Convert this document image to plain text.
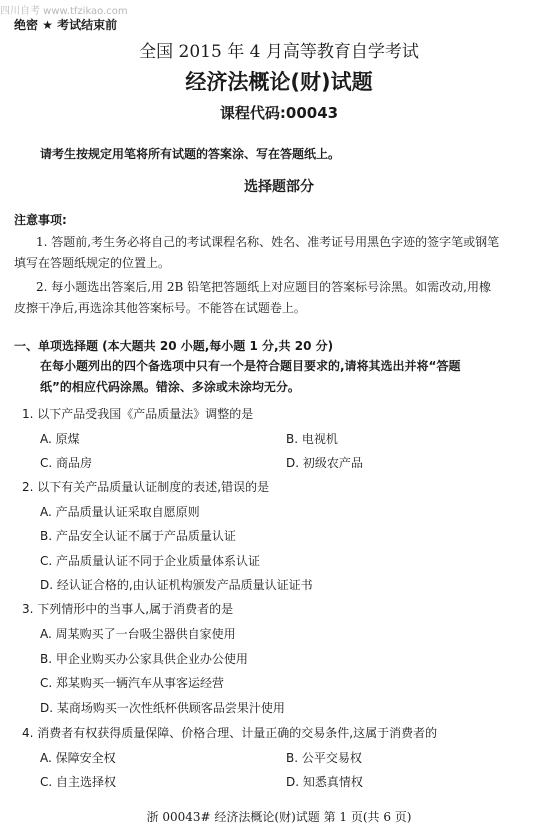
四川自考 www.tfzikao.com
绝密 ★ 考试结束前
全国 2015 年 4 月高等教育自学考试
经济法概论(财)试题
课程代码:00043
请考生按规定用笔将所有试题的答案涂、写在答题纸上。
选择题部分
注意事项:
1. 答题前,考生务必将自己的考试课程名称、姓名、准考证号用黑色字迹的签字笔或钢笔
填写在答题纸规定的位置上。
2. 每小题选出答案后,用 2B 铅笔把答题纸上对应题目的答案标号涂黑。如需改动,用橡
皮擦干净后,再选涂其他答案标号。不能答在试题卷上。
一、单项选择题 (本大题共 20 小题,每小题 1 分,共 20 分)
在每小题列出的四个备选项中只有一个是符合题目要求的,请将其选出并将“答题
纸”的相应代码涂黑。错涂、多涂或未涂均无分。
1. 以下产品受我国《产品质量法》调整的是
A. 原煤	B. 电视机
C. 商品房	D. 初级农产品
2. 以下有关产品质量认证制度的表述,错误的是
A. 产品质量认证采取自愿原则
B. 产品安全认证不属于产品质量认证
C. 产品质量认证不同于企业质量体系认证
D. 经认证合格的,由认证机构颁发产品质量认证证书
3. 下列情形中的当事人,属于消费者的是
A. 周某购买了一台吸尘器供自家使用
B. 甲企业购买办公家具供企业办公使用
C. 郑某购买一辆汽车从事客运经营
D. 某商场购买一次性纸杯供顾客品尝果汁使用
4. 消费者有权获得质量保障、价格合理、计量正确的交易条件,这属于消费者的
A. 保障安全权	B. 公平交易权
C. 自主选择权	D. 知悉真情权
浙 00043# 经济法概论(财)试题 第 1 页(共 6 页)
